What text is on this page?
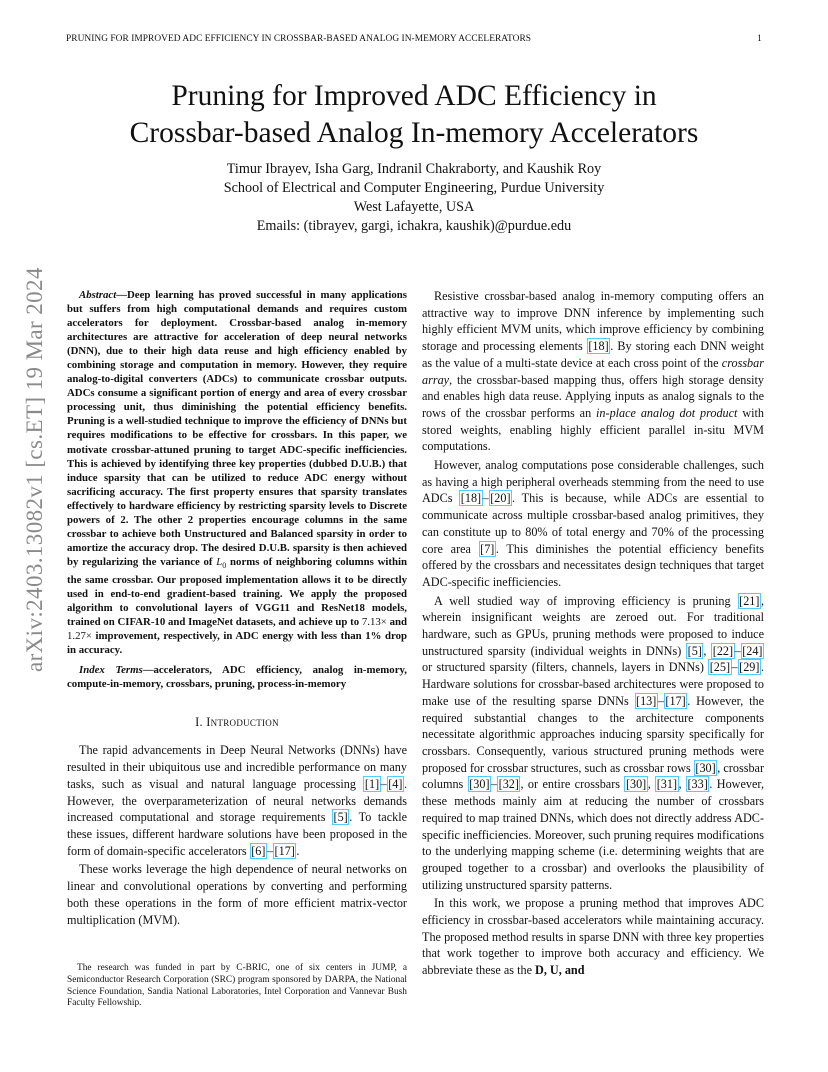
PRUNING FOR IMPROVED ADC EFFICIENCY IN CROSSBAR-BASED ANALOG IN-MEMORY ACCELERATORS	1
Pruning for Improved ADC Efficiency in
Crossbar-based Analog In-memory Accelerators
Timur Ibrayev, Isha Garg, Indranil Chakraborty, and Kaushik Roy
School of Electrical and Computer Engineering, Purdue University
West Lafayette, USA
Emails: (tibrayev, gargi, ichakra, kaushik)@purdue.edu
arXiv:2403.13082v1 [cs.ET] 19 Mar 2024	Abstract—Deep learning has proved successful in many applications but suffers from high computational demands and requires custom accelerators for deployment. Crossbar-based analog in-memory architectures are attractive for acceleration of deep neural networks (DNN), due to their high data reuse and high efficiency enabled by combining storage and computation in memory. However, they require analog-to-digital converters (ADCs) to communicate crossbar outputs. ADCs consume a significant portion of energy and area of every crossbar processing unit, thus diminishing the potential efficiency benefits. Pruning is a well-studied technique to improve the efficiency of DNNs but requires modifications to be effective for crossbars. In this paper, we motivate crossbar-attuned pruning to target ADC-specific inefficiencies. This is achieved by identifying three key properties (dubbed D.U.B.) that induce sparsity that can be utilized to reduce ADC energy without sacrificing accuracy. The first property ensures that sparsity translates effectively to hardware efficiency by restricting sparsity levels to Discrete powers of 2. The other 2 properties encourage columns in the same crossbar to achieve both Unstructured and Balanced sparsity in order to amortize the accuracy drop. The desired D.U.B. sparsity is then achieved by regularizing the variance of $L_0$ norms of neighboring columns within the same crossbar. Our proposed implementation allows it to be directly used in end-to-end gradient-based training. We apply the proposed algorithm to convolutional layers of VGG11 and ResNet18 models, trained on CIFAR-10 and ImageNet datasets, and achieve up to 7.13× and 1.27× improvement, respectively, in ADC energy with less than 1% drop in accuracy.

Index Terms—accelerators, ADC efficiency, analog in-memory, compute-in-memory, crossbars, pruning, process-in-memory

I. Introduction

The rapid advancements in Deep Neural Networks (DNNs) have resulted in their ubiquitous use and incredible performance on many tasks, such as visual and natural language processing [1] – [4] . However, the overparameterization of neural networks demands increased computational and storage requirements [5] . To tackle these issues, different hardware solutions have been proposed in the form of domain-specific accelerators [6] – [17] .

These works leverage the high dependence of neural networks on linear and convolutional operations by converting and performing both these operations in the form of more efficient matrix-vector multiplication (MVM).

The research was funded in part by C-BRIC, one of six centers in JUMP, a Semiconductor Research Corporation (SRC) program sponsored by DARPA, the National Science Foundation, Sandia National Laboratories, Intel Corporation and Vannevar Bush Faculty Fellowship.

Resistive crossbar-based analog in-memory computing offers an attractive way to improve DNN inference by implementing such highly efficient MVM units, which improve efficiency by combining storage and processing elements [18] . By storing each DNN weight as the value of a multi-state device at each cross point of the crossbar array, the crossbar-based mapping thus, offers high storage density and enables high data reuse. Applying inputs as analog signals to the rows of the crossbar performs an in-place analog dot product with stored weights, enabling highly efficient parallel in-situ MVM computations.

However, analog computations pose considerable challenges, such as having a high peripheral overheads stemming from the need to use ADCs [18] – [20] . This is because, while ADCs are essential to communicate across multiple crossbar-based analog primitives, they can constitute up to 80% of total energy and 70% of the processing core area [7] . This diminishes the potential efficiency benefits offered by the crossbars and necessitates design techniques that target ADC-specific inefficiencies.

A well studied way of improving efficiency is pruning [21] , wherein insignificant weights are zeroed out. For traditional hardware, such as GPUs, pruning methods were proposed to induce unstructured sparsity (individual weights in DNNs) [5] , [22] – [24] or structured sparsity (filters, channels, layers in DNNs) [25] – [29] . Hardware solutions for crossbar-based architectures were proposed to make use of the resulting sparse DNNs [13] – [17] . However, the required substantial changes to the architecture components necessitate algorithmic approaches inducing sparsity specifically for crossbars. Consequently, various structured pruning methods were proposed for crossbar structures, such as crossbar rows [30] , crossbar columns [30] – [32] , or entire crossbars [30] , [31] , [33] . However, these methods mainly aim at reducing the number of crossbars required to map trained DNNs, which does not directly address ADC-specific inefficiencies. Moreover, such pruning requires modifications to the underlying mapping scheme (i.e. determining weights that are grouped together to a crossbar) and overlooks the plausibility of utilizing unstructured sparsity patterns.

In this work, we propose a pruning method that improves ADC efficiency in crossbar-based accelerators while maintaining accuracy. The proposed method results in sparse DNN with three key properties that work together to improve both accuracy and efficiency. We abbreviate these as the D, U, and
